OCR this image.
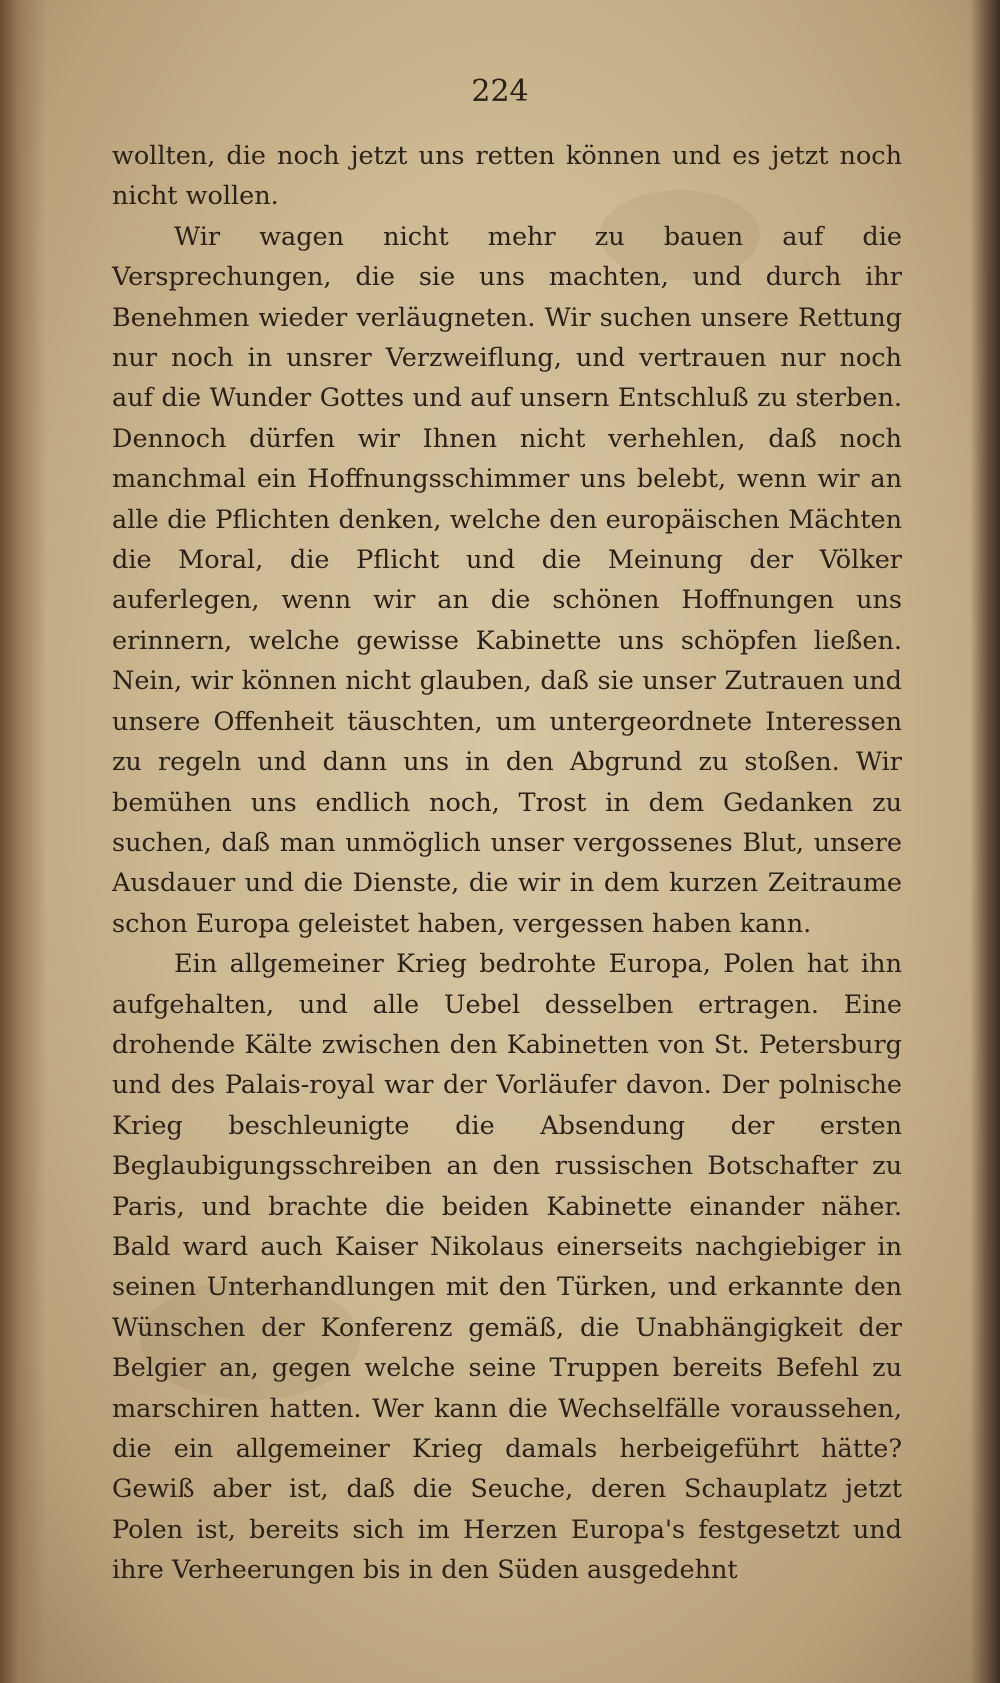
224

wollten, die noch jetzt uns retten können und es jetzt noch nicht wollen.

Wir wagen nicht mehr zu bauen auf die Versprechungen, die sie uns machten, und durch ihr Benehmen wieder verläugneten. Wir suchen unsere Rettung nur noch in unsrer Verzweiflung, und vertrauen nur noch auf die Wunder Gottes und auf unsern Entschluß zu sterben. Dennoch dürfen wir Ihnen nicht verhehlen, daß noch manchmal ein Hoffnungsschimmer uns belebt, wenn wir an alle die Pflichten denken, welche den europäischen Mächten die Moral, die Pflicht und die Meinung der Völker auferlegen, wenn wir an die schönen Hoffnungen uns erinnern, welche gewisse Kabinette uns schöpfen ließen. Nein, wir können nicht glauben, daß sie unser Zutrauen und unsere Offenheit täuschten, um untergeordnete Interessen zu regeln und dann uns in den Abgrund zu stoßen. Wir bemühen uns endlich noch, Trost in dem Gedanken zu suchen, daß man unmöglich unser vergossenes Blut, unsere Ausdauer und die Dienste, die wir in dem kurzen Zeitraume schon Europa geleistet haben, vergessen haben kann.

Ein allgemeiner Krieg bedrohte Europa, Polen hat ihn aufgehalten, und alle Uebel desselben ertragen. Eine drohende Kälte zwischen den Kabinetten von St. Petersburg und des Palais-royal war der Vorläufer davon. Der polnische Krieg beschleunigte die Absendung der ersten Beglaubigungsschreiben an den russischen Botschafter zu Paris, und brachte die beiden Kabinette einander näher. Bald ward auch Kaiser Nikolaus einerseits nachgiebiger in seinen Unterhandlungen mit den Türken, und erkannte den Wünschen der Konferenz gemäß, die Unabhängigkeit der Belgier an, gegen welche seine Truppen bereits Befehl zu marschiren hatten. Wer kann die Wechselfälle voraussehen, die ein allgemeiner Krieg damals herbeigeführt hätte? Gewiß aber ist, daß die Seuche, deren Schauplatz jetzt Polen ist, bereits sich im Herzen Europa's festgesetzt und ihre Verheerungen bis in den Süden ausgedehnt
